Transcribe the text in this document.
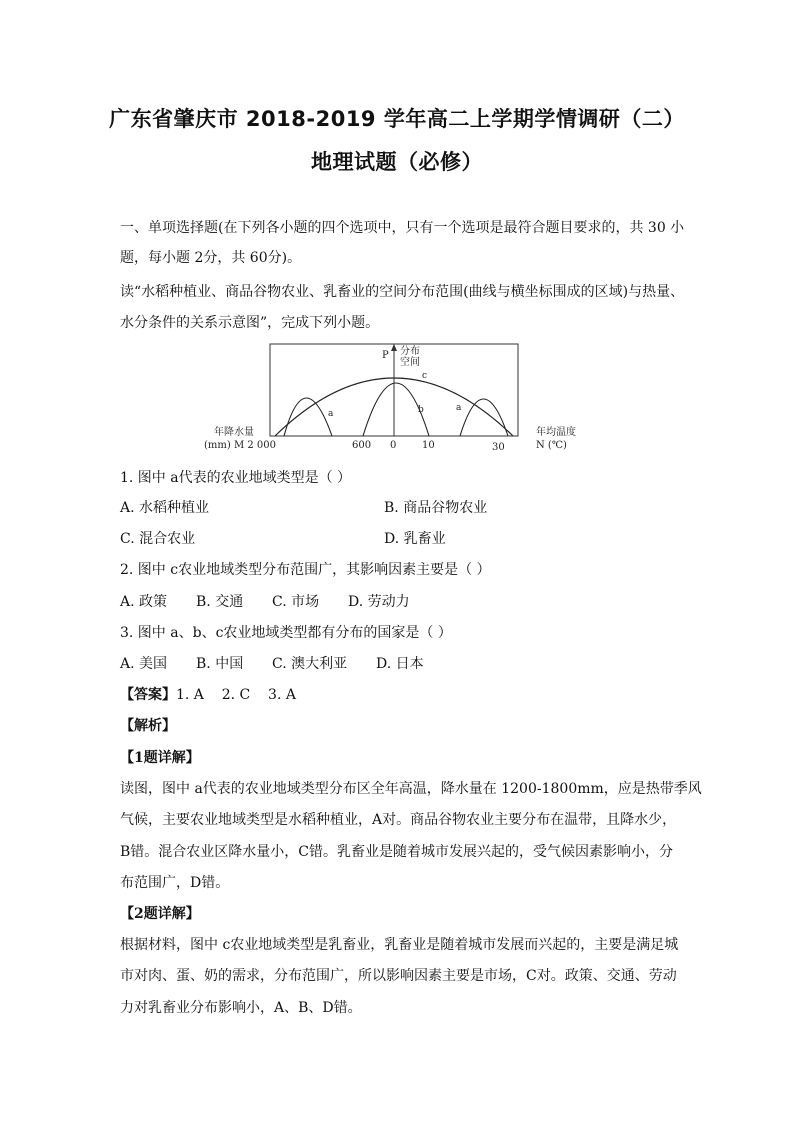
广东省肇庆市 2018-2019 学年高二上学期学情调研（二）
地理试题（必修）
一、单项选择题(在下列各小题的四个选项中，只有一个选项是最符合题目要求的，共 30 小
题，每小题 2分，共 60分)。
读“水稻种植业、商品谷物农业、乳畜业的空间分布范围(曲线与横坐标围成的区域)与热量、
水分条件的关系示意图”，完成下列小题。
P 分布
空间
c
a	b	a
年降水量
(mm) M 2 000	600 0	10	30
年均温度
N (℃)
1. 图中 a代表的农业地域类型是（ ）
A. 水稻种植业	B. 商品谷物农业
C. 混合农业	D. 乳畜业
2. 图中 c农业地域类型分布范围广，其影响因素主要是（ ）
A. 政策 B. 交通 C. 市场 D. 劳动力
3. 图中 a、b、c农业地域类型都有分布的国家是（ ）
A. 美国 B. 中国 C. 澳大利亚 D. 日本
【答案】1. A    2. C    3. A
【解析】
【1题详解】
读图，图中 a代表的农业地域类型分布区全年高温，降水量在 1200-1800mm，应是热带季风
气候，主要农业地域类型是水稻种植业，A对。商品谷物农业主要分布在温带，且降水少，
B错。混合农业区降水量小，C错。乳畜业是随着城市发展兴起的，受气候因素影响小，分
布范围广，D错。
【2题详解】
根据材料，图中 c农业地域类型是乳畜业，乳畜业是随着城市发展而兴起的，主要是满足城
市对肉、蛋、奶的需求，分布范围广，所以影响因素主要是市场，C对。政策、交通、劳动
力对乳畜业分布影响小，A、B、D错。
